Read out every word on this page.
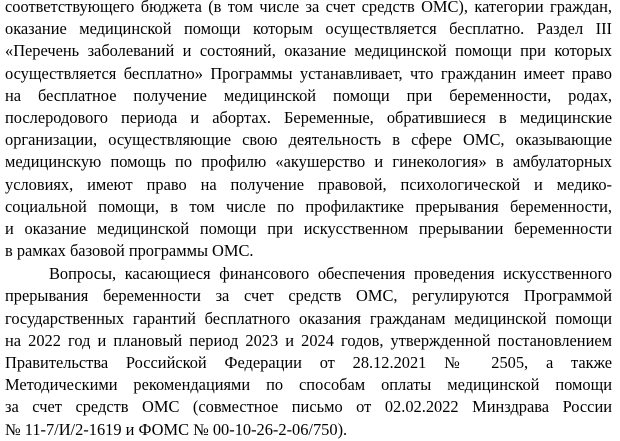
соответствующего бюджета (в том числе за счет средств ОМС), категории граждан,
оказание медицинской помощи которым осуществляется бесплатно. Раздел III
«Перечень заболеваний и состояний, оказание медицинской помощи при которых
осуществляется бесплатно» Программы устанавливает, что гражданин имеет право
на бесплатное получение медицинской помощи при беременности, родах,
послеродового периода и абортах. Беременные, обратившиеся в медицинские
организации, осуществляющие свою деятельность в сфере ОМС, оказывающие
медицинскую помощь по профилю «акушерство и гинекология» в амбулаторных
условиях, имеют право на получение правовой, психологической и медико-
социальной помощи, в том числе по профилактике прерывания беременности,
и оказание медицинской помощи при искусственном прерывании беременности
в рамках базовой программы ОМС.
Вопросы, касающиеся финансового обеспечения проведения искусственного
прерывания беременности за счет средств ОМС, регулируются Программой
государственных гарантий бесплатного оказания гражданам медицинской помощи
на 2022 год и плановый период 2023 и 2024 годов, утвержденной постановлением
Правительства Российской Федерации от 28.12.2021 № 2505, а также
Методическими рекомендациями по способам оплаты медицинской помощи
за счет средств ОМС (совместное письмо от 02.02.2022 Минздрава России
№ 11-7/И/2-1619 и ФОМС № 00-10-26-2-06/750).
